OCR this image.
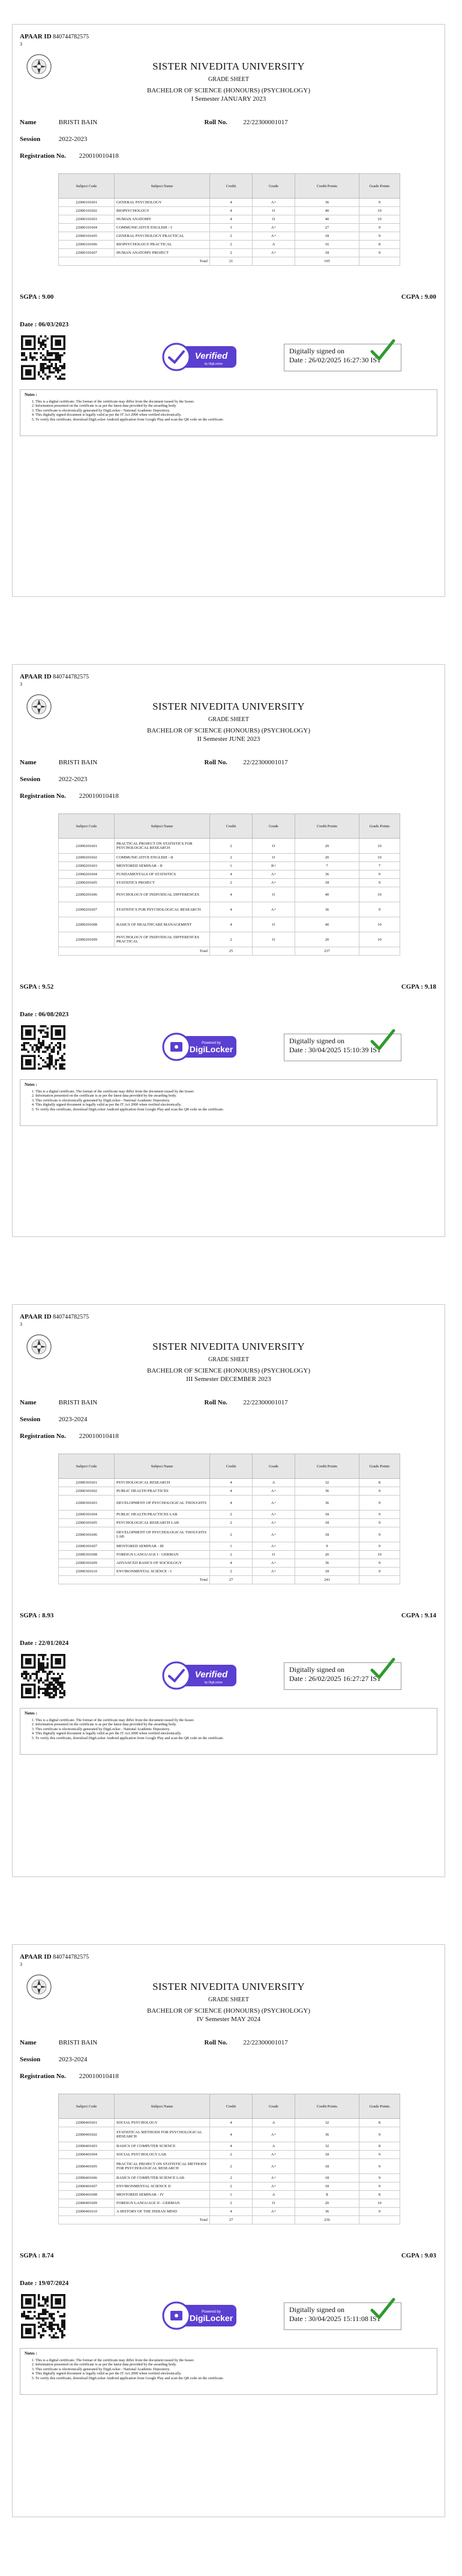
APAAR ID 840744782575
3
SISTER NIVEDITA UNIVERSITY
GRADE SHEET
BACHELOR OF SCIENCE (HONOURS) (PSYCHOLOGY)
I Semester JANUARY 2023
Name	BRISTI BAIN	Roll No. 22/22300001017
Session	2022-2023
Registration No. 220010010418
Subject Code	Subject Name	Credit	Grade	Credit Points	Grade Points
22000101601	GENERAL PSYCHOLOGY	4	A+	36	9
22000101602	BIOPSYCHOLOGY	4	O	40	10
22000101603	HUMAN ANATOMY	4	O	40	10
22000101604	COMMUNICATIVE ENGLISH - I	3	A+	27	9
22000101605	GENERAL PSYCHOLOGY PRACTICAL	2	A+	18	9
22000101606	BIOPSYCHOLOGY PRACTICAL	2	A	16	8
22000101607	HUMAN ANATOMY PROJECT	2	A+	18	9
Total		21		195	
SGPA : 9.00	CGPA : 9.00
Date : 06/03/2023
Verified
by DigiLocker
Digitally signed on
Date : 26/02/2025 16:27:30 IST
Notes :
1. This is a digital certificate. The format of the certificate may differ from the document issued by the Issuer.
2. Information presented on the certificate is as per the latest data provided by the awarding body.
3. This certificate is electronically generated by DigiLocker - National Academic Depository.
4. This digitally signed document is legally valid as per the IT Act 2000 when verified electronically.
5. To verify this certificate, download DigiLocker Android application from Google Play and scan the QR code on the certificate.
APAAR ID 840744782575
3
SISTER NIVEDITA UNIVERSITY
GRADE SHEET
BACHELOR OF SCIENCE (HONOURS) (PSYCHOLOGY)
II Semester JUNE 2023
Name	BRISTI BAIN	Roll No. 22/22300001017
Session	2022-2023
Registration No. 220010010418
Subject Code	Subject Name	Credit	Grade	Credit Points	Grade Points
22000201601	PRACTICAL PROJECT ON STATISTICS FOR PSYCHOLOGICAL RESEARCH	2	O	20	10
22000201602	COMMUNICATIVE ENGLISH - II	2	O	20	10
22000201603	MENTORED SEMINAR - II	1	B+	7	7
22000201604	FUNDAMENTALS OF STATISTICS	4	A+	36	9
22000201605	STATISTICS PROJECT	2	A+	18	9
22000201606	PSYCHOLOGY OF INDIVIDUAL DIFFERENCES	4	O	40	10
22000201607	STATISTICS FOR PSYCHOLOGICAL RESEARCH	4	A+	36	9
22000201608	BASICS OF HEALTHCARE MANAGEMENT	4	O	40	10
22000201609	PSYCHOLOGY OF INDIVIDUAL DIFFERENCES PRACTICAL	2	O	20	10
Total		25		237	
SGPA : 9.52	CGPA : 9.18
Date : 06/08/2023
Powered by
DigiLocker
Digitally signed on
Date : 30/04/2025 15:10:39 IST
Notes :
1. This is a digital certificate. The format of the certificate may differ from the document issued by the Issuer.
2. Information presented on the certificate is as per the latest data provided by the awarding body.
3. This certificate is electronically generated by DigiLocker - National Academic Depository.
4. This digitally signed document is legally valid as per the IT Act 2000 when verified electronically.
5. To verify this certificate, download DigiLocker Android application from Google Play and scan the QR code on the certificate.
APAAR ID 840744782575
3
SISTER NIVEDITA UNIVERSITY
GRADE SHEET
BACHELOR OF SCIENCE (HONOURS) (PSYCHOLOGY)
III Semester DECEMBER 2023
Name	BRISTI BAIN	Roll No. 22/22300001017
Session	2023-2024
Registration No. 220010010418
Subject Code	Subject Name	Credit	Grade	Credit Points	Grade Points
22000301601	PSYCHOLOGICAL RESEARCH	4	A	32	8
22000301602	PUBLIC HEALTH PRACTICES	4	A+	36	9
22000301603	DEVELOPMENT OF PSYCHOLOGICAL THOUGHTS	4	A+	36	9
22000301604	PUBLIC HEALTH PRACTICES LAB	2	A+	18	9
22000301605	PSYCHOLOGICAL RESEARCH LAB	2	A+	18	9
22000301606	DEVELOPMENT OF PSYCHOLOGICAL THOUGHTS LAB	2	A+	18	9
22000301607	MENTORED SEMINAR - III	1	A+	9	9
22000301608	FOREIGN LANGUAGE I - GERMAN	2	O	20	10
22000301609	ADVANCED BASICS OF SOCIOLOGY	4	A+	36	9
22000301610	ENVIRONMENTAL SCIENCE - I	2	A+	18	9
Total		27		241	
SGPA : 8.93	CGPA : 9.14
Date : 22/01/2024
Verified
by DigiLocker
Digitally signed on
Date : 26/02/2025 16:27:27 IST
Notes :
1. This is a digital certificate. The format of the certificate may differ from the document issued by the Issuer.
2. Information presented on the certificate is as per the latest data provided by the awarding body.
3. This certificate is electronically generated by DigiLocker - National Academic Depository.
4. This digitally signed document is legally valid as per the IT Act 2000 when verified electronically.
5. To verify this certificate, download DigiLocker Android application from Google Play and scan the QR code on the certificate.
APAAR ID 840744782575
3
SISTER NIVEDITA UNIVERSITY
GRADE SHEET
BACHELOR OF SCIENCE (HONOURS) (PSYCHOLOGY)
IV Semester MAY 2024
Name	BRISTI BAIN	Roll No. 22/22300001017
Session	2023-2024
Registration No. 220010010418
Subject Code	Subject Name	Credit	Grade	Credit Points	Grade Points
22000401601	SOCIAL PSYCHOLOGY	4	A	32	8
22000401602	STATISTICAL METHODS FOR PSYCHOLOGICAL RESEARCH	4	A+	36	9
22000401603	BASICS OF COMPUTER SCIENCE	4	A	32	8
22000401604	SOCIAL PSYCHOLOGY LAB	2	A+	18	9
22000401605	PRACTICAL PROJECT ON STATISTICAL METHODS FOR PSYCHOLOGICAL RESEARCH	2	A+	18	9
22000401606	BASICS OF COMPUTER SCIENCE LAB	2	A+	18	9
22000401607	ENVIRONMENTAL SCIENCE II	2	A+	18	9
22000401608	MENTORED SEMINAR - IV	1	A	8	8
22000401609	FOREIGN LANGUAGE II - GERMAN	2	O	20	10
22000401610	A HISTORY OF THE INDIAN MIND	4	A+	36	9
Total		27		236	
SGPA : 8.74	CGPA : 9.03
Date : 19/07/2024
Powered by
DigiLocker
Digitally signed on
Date : 30/04/2025 15:11:08 IST
Notes :
1. This is a digital certificate. The format of the certificate may differ from the document issued by the Issuer.
2. Information presented on the certificate is as per the latest data provided by the awarding body.
3. This certificate is electronically generated by DigiLocker - National Academic Depository.
4. This digitally signed document is legally valid as per the IT Act 2000 when verified electronically.
5. To verify this certificate, download DigiLocker Android application from Google Play and scan the QR code on the certificate.
